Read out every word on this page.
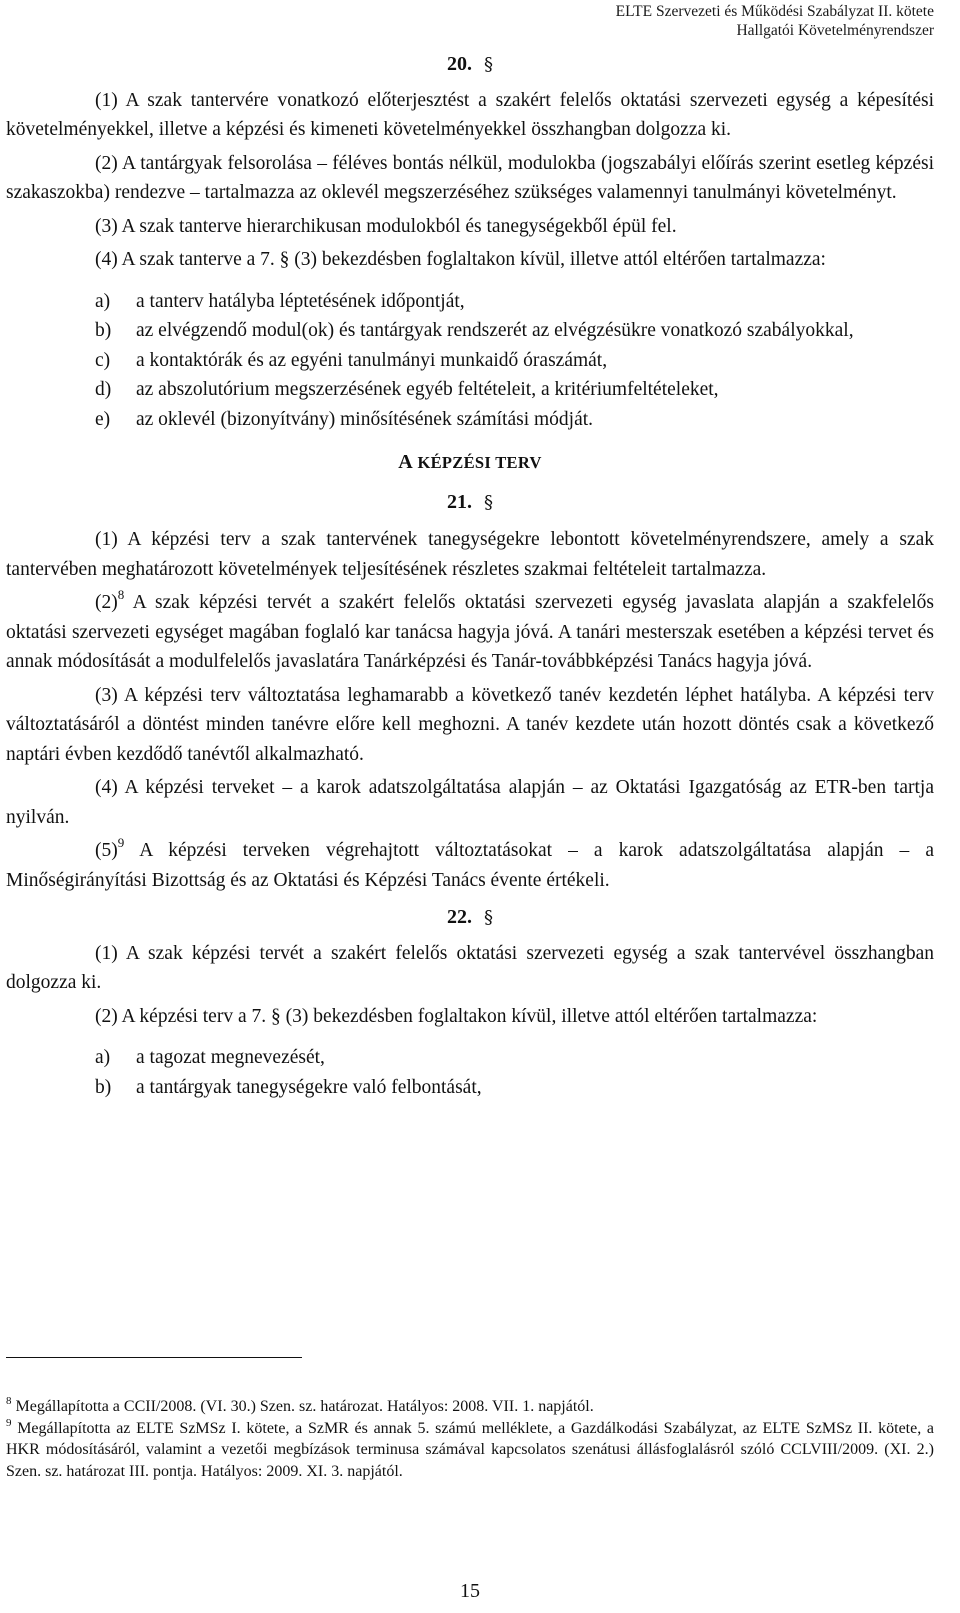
ELTE Szervezeti és Működési Szabályzat II. kötete
Hallgatói Követelményrendszer
20. §

(1) A szak tantervére vonatkozó előterjesztést a szakért felelős oktatási szervezeti egység a képesítési követelményekkel, illetve a képzési és kimeneti követelményekkel összhangban dolgozza ki.

(2) A tantárgyak felsorolása – féléves bontás nélkül, modulokba (jogszabályi előírás szerint esetleg képzési szakaszokba) rendezve – tartalmazza az oklevél megszerzéséhez szükséges valamennyi tanulmányi követelményt.

(3) A szak tanterve hierarchikusan modulokból és tanegységekből épül fel.

(4) A szak tanterve a 7. § (3) bekezdésben foglaltakon kívül, illetve attól eltérően tartalmazza:

a) a tanterv hatályba léptetésének időpontját,
b) az elvégzendő modul(ok) és tantárgyak rendszerét az elvégzésükre vonatkozó szabályokkal,
c) a kontaktórák és az egyéni tanulmányi munkaidő óraszámát,
d) az abszolutórium megszerzésének egyéb feltételeit, a kritériumfeltételeket,
e) az oklevél (bizonyítvány) minősítésének számítási módját.
A KÉPZÉSI TERV
21. §

(1) A képzési terv a szak tantervének tanegységekre lebontott követelményrendszere, amely a szak tantervében meghatározott követelmények teljesítésének részletes szakmai feltételeit tartalmazza.

$(2)^8$ A szak képzési tervét a szakért felelős oktatási szervezeti egység javaslata alapján a szakfelelős oktatási szervezeti egységet magában foglaló kar tanácsa hagyja jóvá. A tanári mesterszak esetében a képzési tervet és annak módosítását a modulfelelős javaslatára Tanárképzési és Tanár-továbbképzési Tanács hagyja jóvá.

(3) A képzési terv változtatása leghamarabb a következő tanév kezdetén léphet hatályba. A képzési terv változtatásáról a döntést minden tanévre előre kell meghozni. A tanév kezdete után hozott döntés csak a következő naptári évben kezdődő tanévtől alkalmazható.

(4) A képzési terveket – a karok adatszolgáltatása alapján – az Oktatási Igazgatóság az ETR-ben tartja nyilván.

$(5)^9$ A képzési terveken végrehajtott változtatásokat – a karok adatszolgáltatása alapján – a Minőségirányítási Bizottság és az Oktatási és Képzési Tanács évente értékeli.

22. §

(1) A szak képzési tervét a szakért felelős oktatási szervezeti egység a szak tantervével összhangban dolgozza ki.

(2) A képzési terv a 7. § (3) bekezdésben foglaltakon kívül, illetve attól eltérően tartalmazza:

a) a tagozat megnevezését,
b) a tantárgyak tanegységekre való felbontását,
$^8$ Megállapította a CCII/2008. (VI. 30.) Szen. sz. határozat. Hatályos: 2008. VII. 1. napjától.
$^9$ Megállapította az ELTE SzMSz I. kötete, a SzMR és annak 5. számú melléklete, a Gazdálkodási Szabályzat, az ELTE SzMSz II. kötete, a HKR módosításáról, valamint a vezetői megbízások terminusa számával kapcsolatos szenátusi állásfoglalásról szóló CCLVIII/2009. (XI. 2.) Szen. sz. határozat III. pontja. Hatályos: 2009. XI. 3. napjától.
15
